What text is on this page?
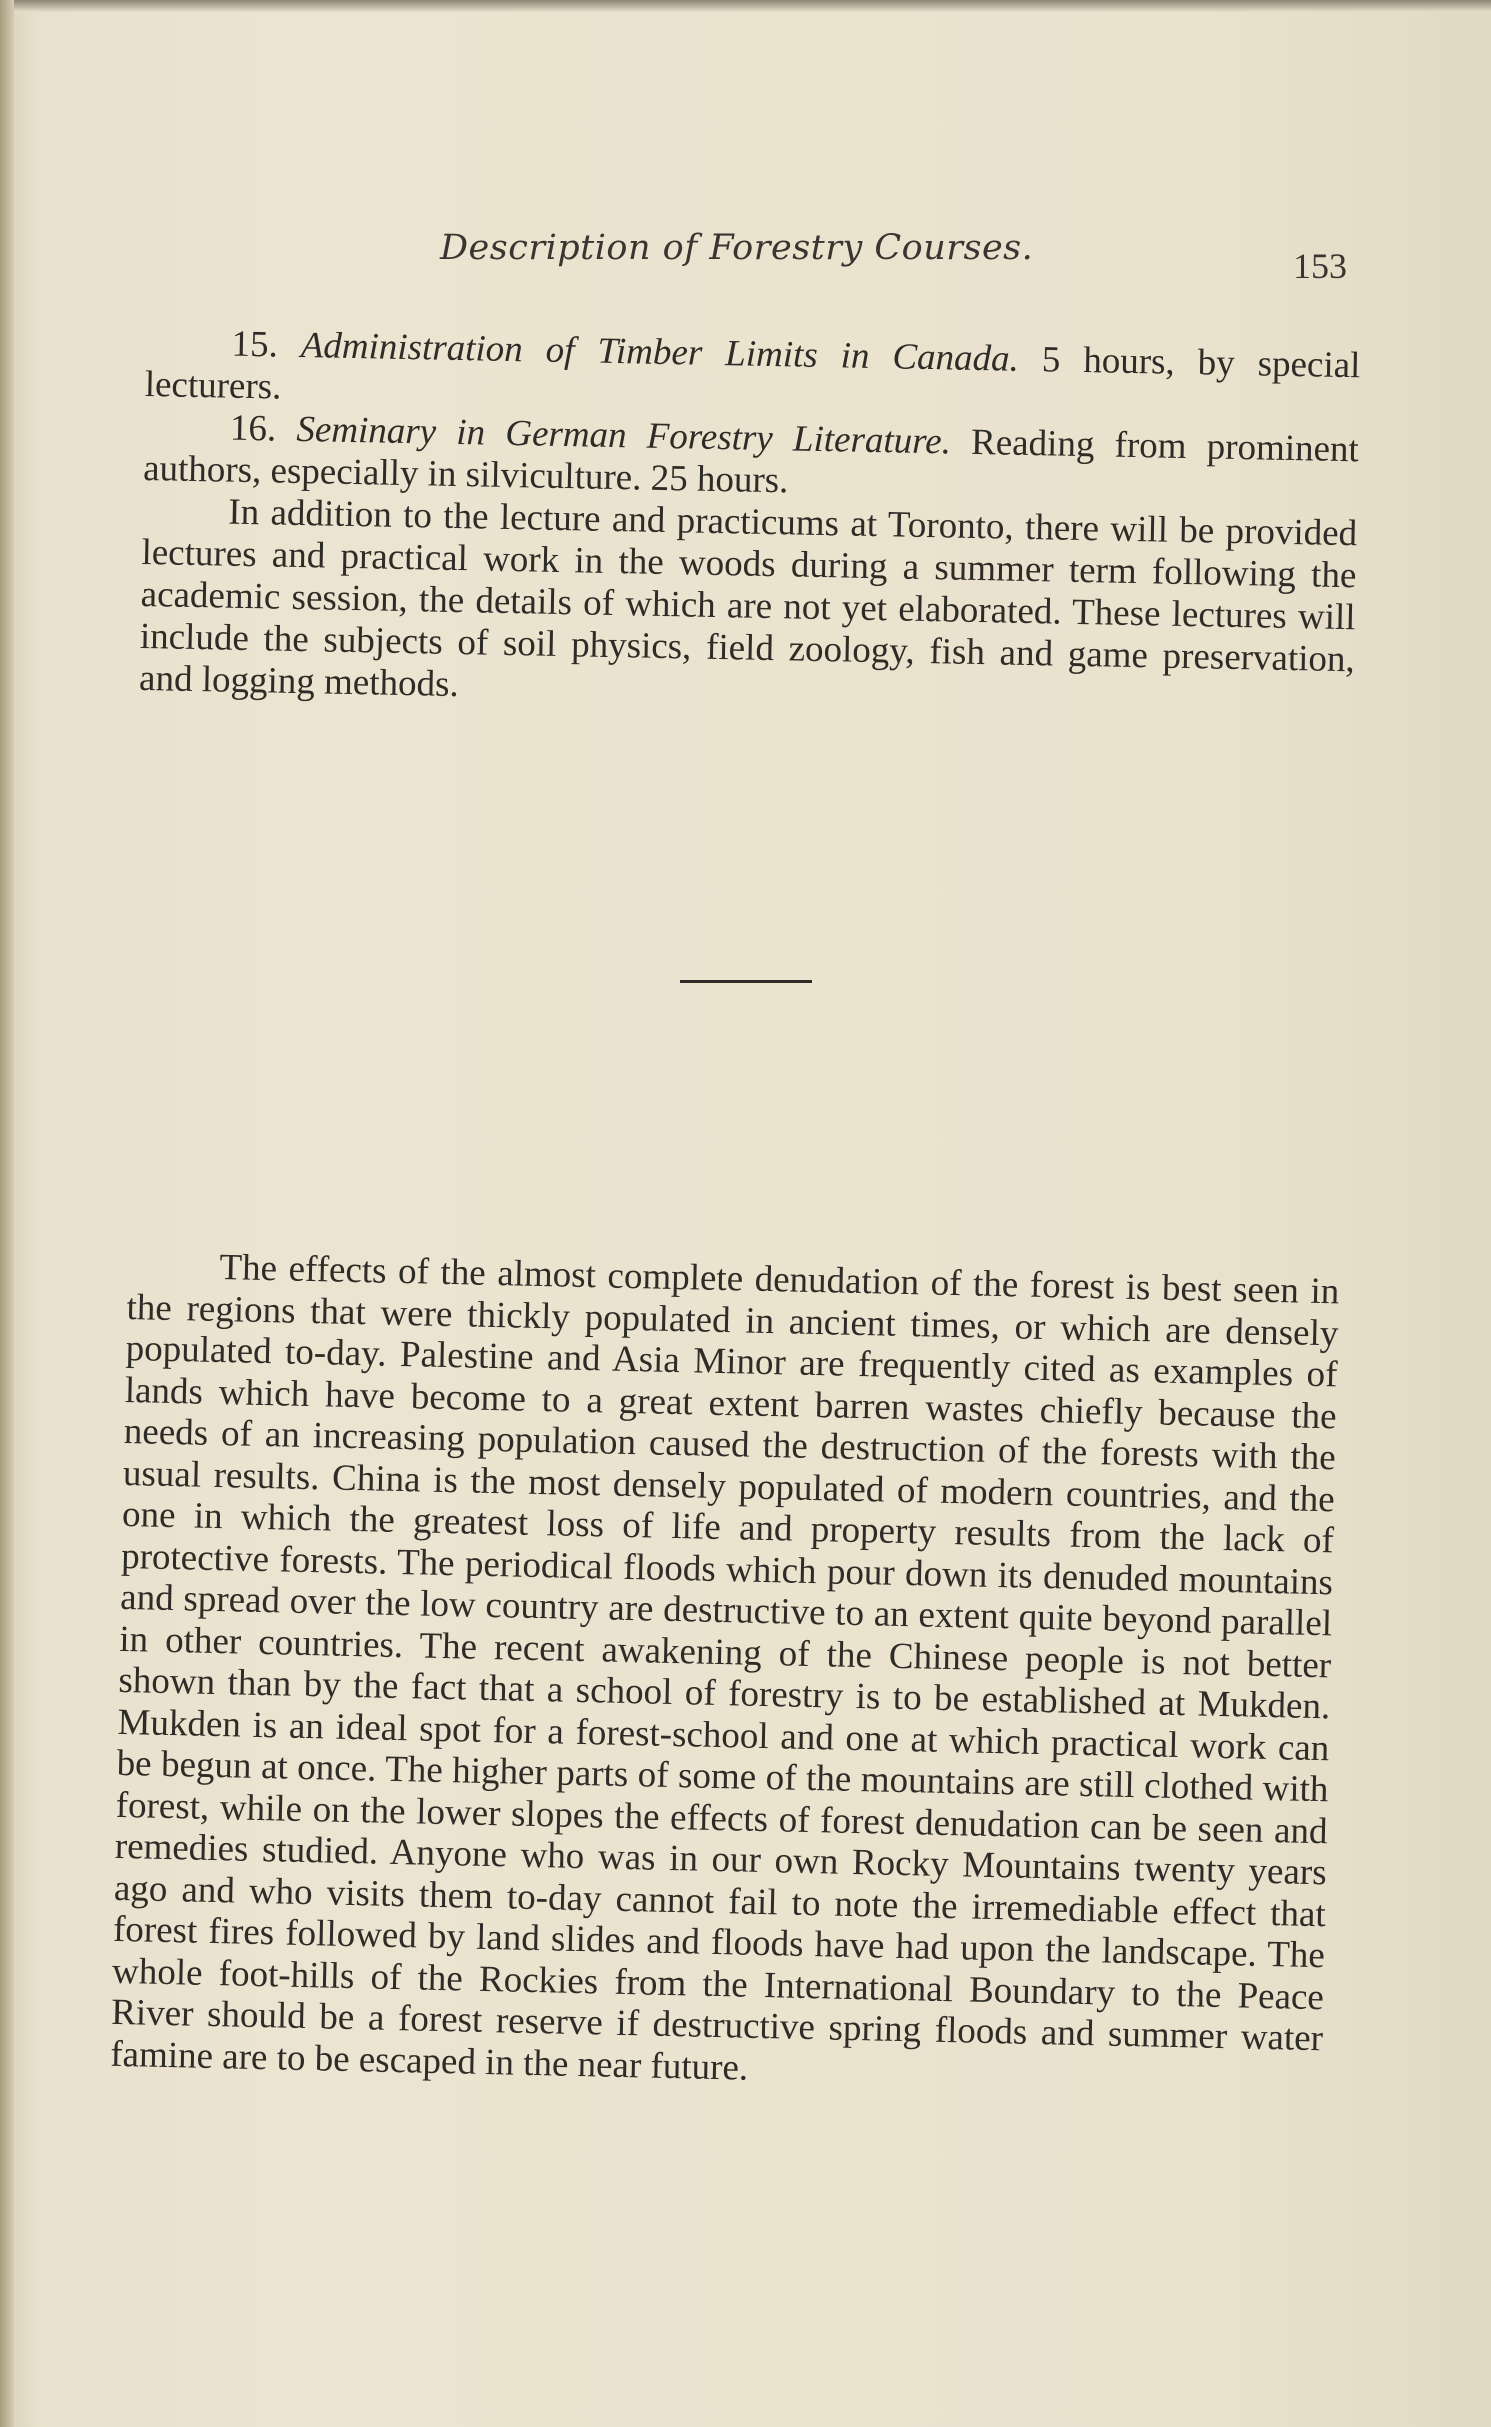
Description of Forestry Courses.	153

15. Administration of Timber Limits in Canada. 5 hours, by special lecturers.

16. Seminary in German Forestry Literature. Reading from prominent authors, especially in silviculture. 25 hours.

In addition to the lecture and practicums at Toronto, there will be provided lectures and practical work in the woods during a summer term following the academic session, the details of which are not yet elaborated. These lectures will include the subjects of soil physics, field zoology, fish and game preservation, and logging methods.

The effects of the almost complete denudation of the forest is best seen in the regions that were thickly populated in ancient times, or which are densely populated to-day. Palestine and Asia Minor are frequently cited as examples of lands which have become to a great extent barren wastes chiefly because the needs of an increasing population caused the destruction of the forests with the usual results. China is the most densely populated of modern countries, and the one in which the greatest loss of life and property results from the lack of protective forests. The periodical floods which pour down its denuded mountains and spread over the low country are destructive to an extent quite beyond parallel in other countries. The recent awakening of the Chinese people is not better shown than by the fact that a school of forestry is to be established at Mukden. Mukden is an ideal spot for a forest-school and one at which practical work can be begun at once. The higher parts of some of the mountains are still clothed with forest, while on the lower slopes the effects of forest denudation can be seen and remedies studied. Anyone who was in our own Rocky Mountains twenty years ago and who visits them to-day cannot fail to note the irremediable effect that forest fires followed by land slides and floods have had upon the landscape. The whole foot-hills of the Rockies from the International Boundary to the Peace River should be a forest reserve if destructive spring floods and summer water famine are to be escaped in the near future.
